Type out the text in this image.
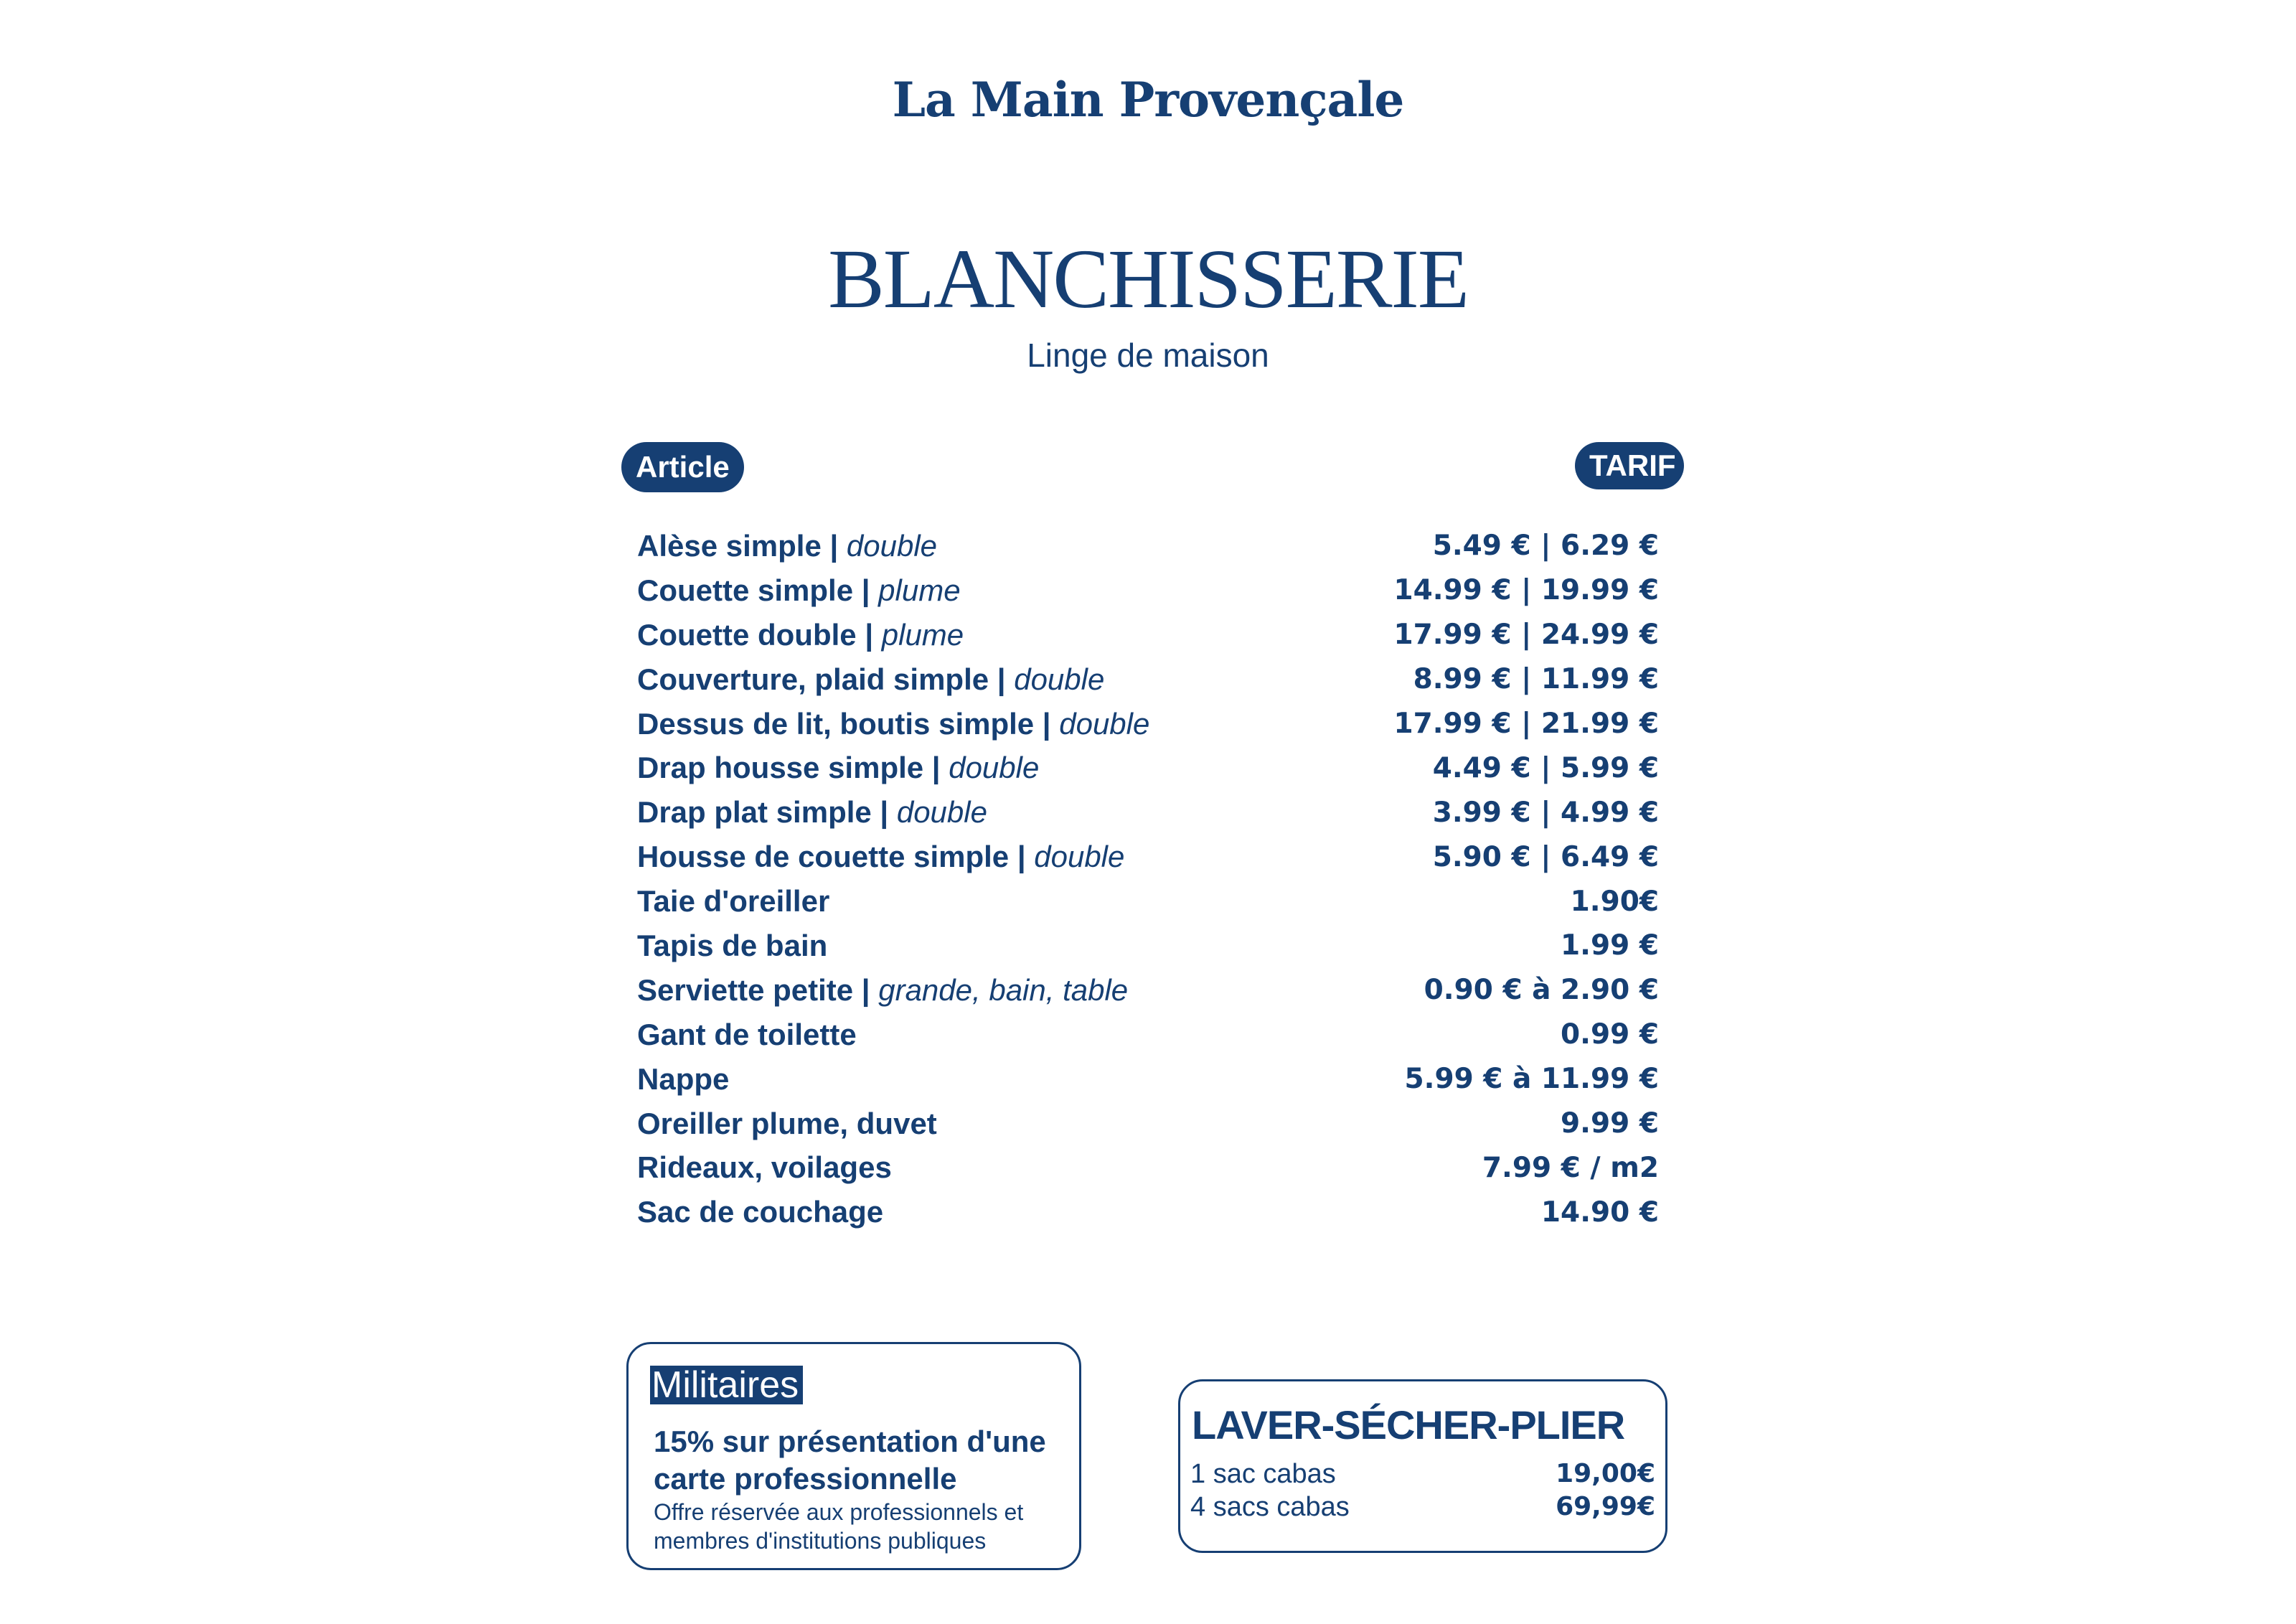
La Main Provençale
BLANCHISSERIE
Linge de maison
Article	TARIF
Alèse simple | double	5.49 € | 6.29 €
Couette simple | plume	14.99 € | 19.99 €
Couette double | plume	17.99 € | 24.99 €
Couverture, plaid simple | double	8.99 € | 11.99 €
Dessus de lit, boutis simple | double	17.99 € | 21.99 €
Drap housse simple | double	4.49 € | 5.99 €
Drap plat simple | double	3.99 € | 4.99 €
Housse de couette simple | double	5.90 € | 6.49 €
Taie d'oreiller	1.90€
Tapis de bain	1.99 €
Serviette petite | grande, bain, table	0.90 € à 2.90 €
Gant de toilette	0.99 €
Nappe	5.99 € à 11.99 €
Oreiller plume, duvet	9.99 €
Rideaux, voilages	7.99 € / m2
Sac de couchage	14.90 €
Militaires
15% sur présentation d'une carte professionnelle
Offre réservée aux professionnels et membres d'institutions publiques
LAVER-SÉCHER-PLIER
1 sac cabas	19,00€
4 sacs cabas	69,99€
